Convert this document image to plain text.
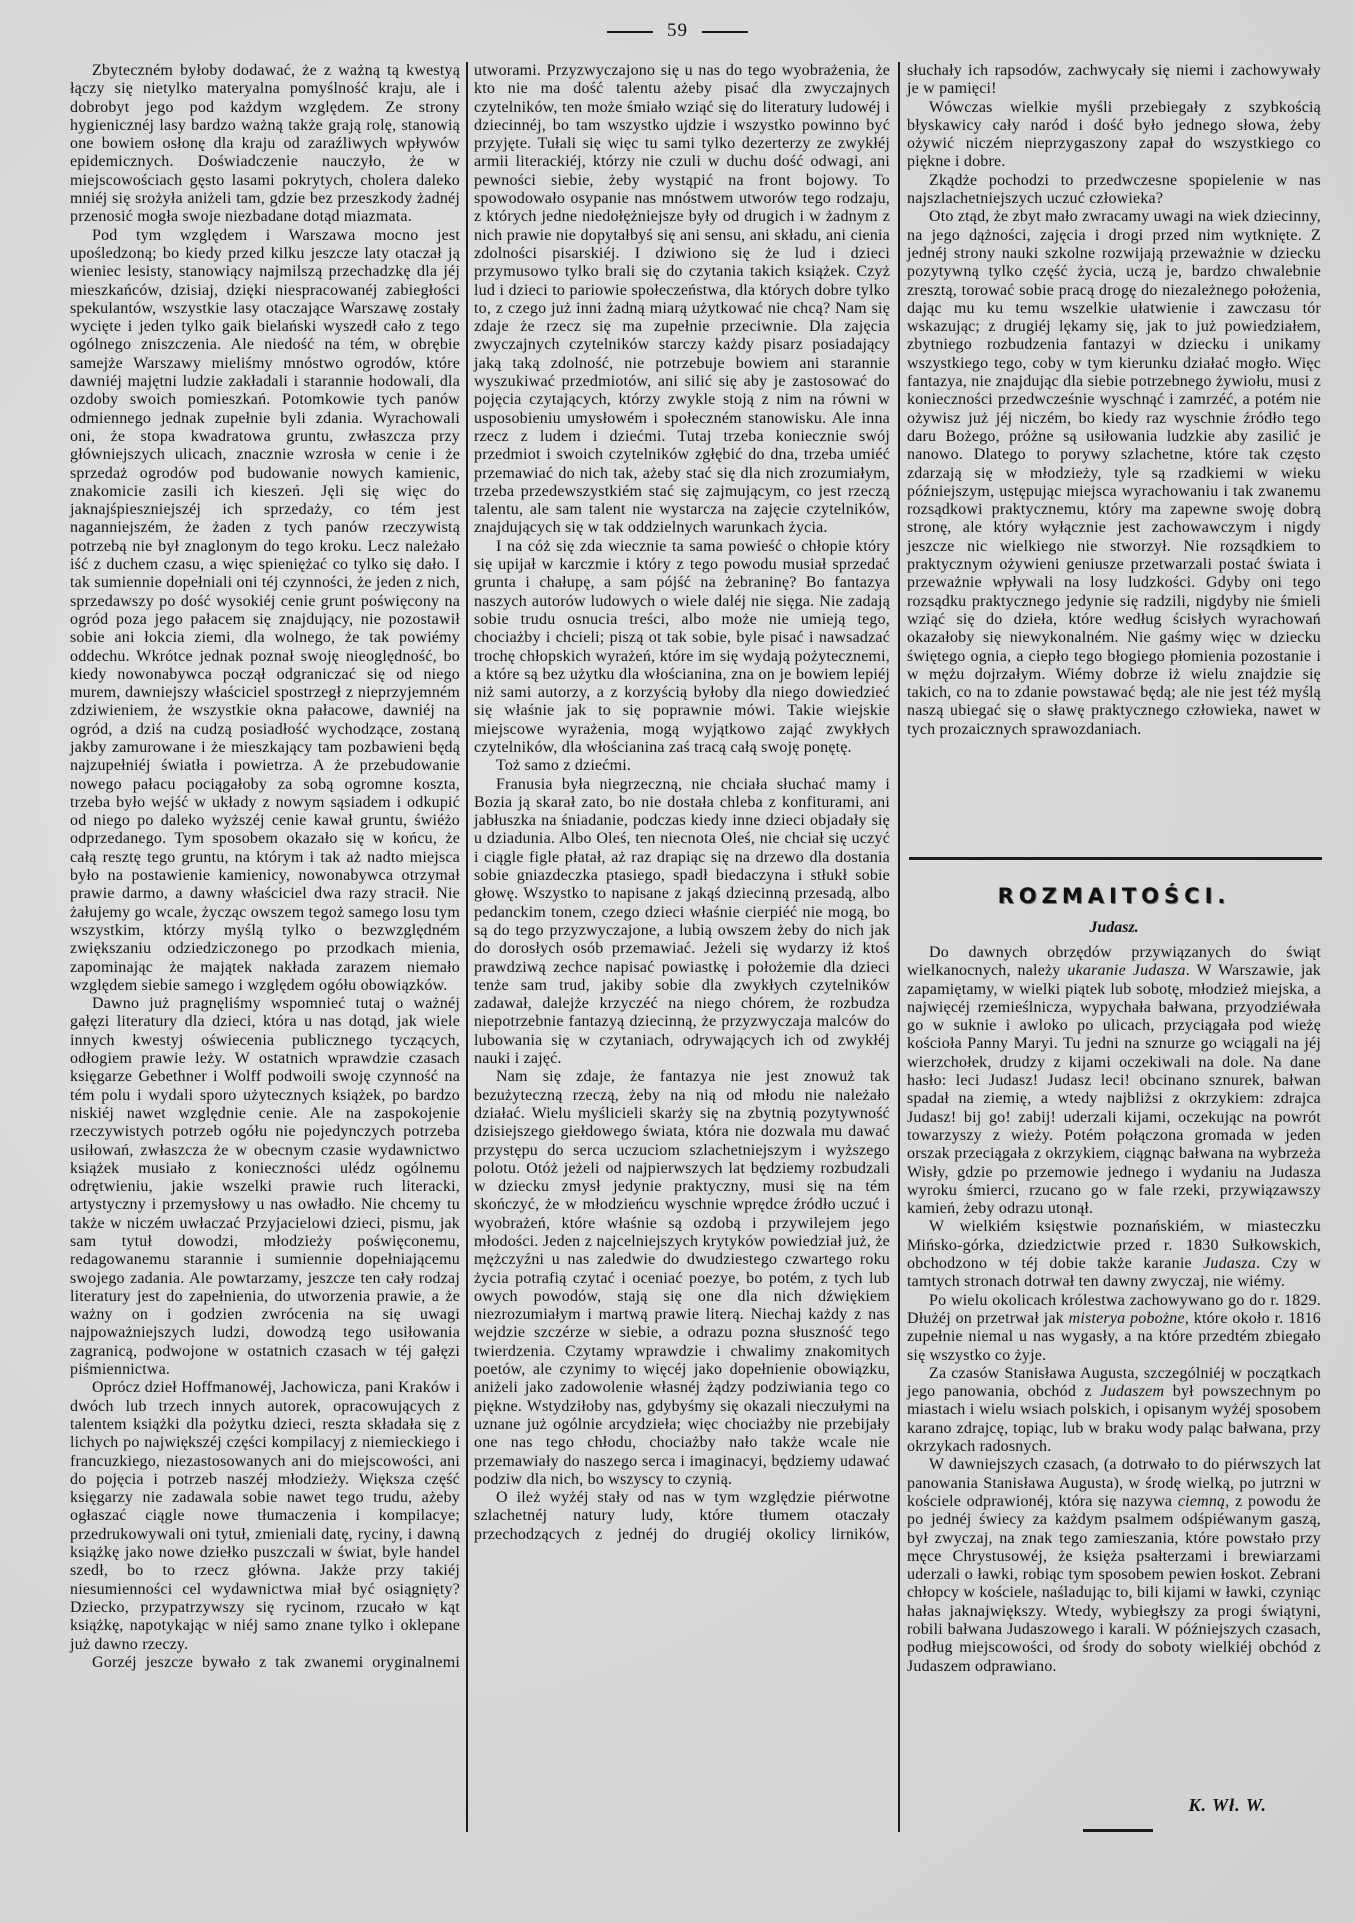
59

Zbyteczném byłoby dodawać, że z ważną tą kwestyą łączy się nietylko materyalna pomyślność kraju, ale i dobrobyt jego pod każdym względem. Ze strony hygienicznéj lasy bardzo ważną także grają rolę, stanowią one bowiem osłonę dla kraju od zaraźliwych wpływów epidemicznych. Doświadczenie nauczyło, że w miejscowościach gęsto lasami pokrytych, cholera daleko mniéj się srożyła aniżeli tam, gdzie bez przeszkody żadnéj przenosić mogła swoje niezbadane dotąd miazmata.

Pod tym względem i Warszawa mocno jest upośledzoną; bo kiedy przed kilku jeszcze laty otaczał ją wieniec lesisty, stanowiący najmilszą przechadzkę dla jéj mieszkańców, dzisiaj, dzięki niespracowanéj zabiegłości spekulantów, wszystkie lasy otaczające Warszawę zostały wycięte i jeden tylko gaik bielański wyszedł cało z tego ogólnego zniszczenia. Ale niedość na tém, w obrębie samejże Warszawy mieliśmy mnóstwo ogrodów, które dawniéj majętni ludzie zakładali i starannie hodowali, dla ozdoby swoich pomieszkań. Potomkowie tych panów odmiennego jednak zupełnie byli zdania. Wyrachowali oni, że stopa kwadratowa gruntu, zwłaszcza przy główniejszych ulicach, znacznie wzrosła w cenie i że sprzedaż ogrodów pod budowanie nowych kamienic, znakomicie zasili ich kieszeń. Jęli się więc do jaknajśpieszniejszéj ich sprzedaży, co tém jest naganniejszém, że żaden z tych panów rzeczywistą potrzebą nie był znaglonym do tego kroku. Lecz należało iść z duchem czasu, a więc spieniężać co tylko się dało. I tak sumiennie dopełniali oni téj czynności, że jeden z nich, sprzedawszy po dość wysokiéj cenie grunt poświęcony na ogród poza jego pałacem się znajdujący, nie pozostawił sobie ani łokcia ziemi, dla wolnego, że tak powiémy oddechu. Wkrótce jednak poznał swoję nieoględność, bo kiedy nowonabywca począł odgraniczać się od niego murem, dawniejszy właściciel spostrzegł z nieprzyjemném zdziwieniem, że wszystkie okna pałacowe, dawniéj na ogród, a dziś na cudzą posiadłość wychodzące, zostaną jakby zamurowane i że mieszkający tam pozbawieni będą najzupełniéj światła i powietrza. A że przebudowanie nowego pałacu pociągałoby za sobą ogromne koszta, trzeba było wejść w układy z nowym sąsiadem i odkupić od niego po daleko wyższéj cenie kawał gruntu, świéżo odprzedanego. Tym sposobem okazało się w końcu, że całą resztę tego gruntu, na którym i tak aż nadto miejsca było na postawienie kamienicy, nowonabywca otrzymał prawie darmo, a dawny właściciel dwa razy stracił. Nie żałujemy go wcale, życząc owszem tegoż samego losu tym wszystkim, którzy myślą tylko o bezwzględném zwiększaniu odziedziczonego po przodkach mienia, zapominając że majątek nakłada zarazem niemało względem siebie samego i względem ogółu obowiązków.

Dawno już pragnęliśmy wspomnieć tutaj o ważnéj gałęzi literatury dla dzieci, która u nas dotąd, jak wiele innych kwestyj oświecenia publicznego tyczących, odłogiem prawie leży. W ostatnich wprawdzie czasach księgarze Gebethner i Wolff podwoili swoję czynność na tém polu i wydali sporo użytecznych książek, po bardzo niskiéj nawet względnie cenie. Ale na zaspokojenie rzeczywistych potrzeb ogółu nie pojedynczych potrzeba usiłowań, zwłaszcza że w obecnym czasie wydawnictwo książek musiało z konieczności ulédz ogólnemu odrętwieniu, jakie wszelki prawie ruch literacki, artystyczny i przemysłowy u nas owładło. Nie chcemy tu także w niczém uwłaczać Przyjacielowi dzieci, pismu, jak sam tytuł dowodzi, młodzieży poświęconemu, redagowanemu starannie i sumiennie dopełniającemu swojego zadania. Ale powtarzamy, jeszcze ten cały rodzaj literatury jest do zapełnienia, do utworzenia prawie, a że ważny on i godzien zwrócenia na się uwagi najpoważniejszych ludzi, dowodzą tego usiłowania zagranicą, podwojone w ostatnich czasach w téj gałęzi piśmiennictwa.

Oprócz dzieł Hoffmanowéj, Jachowicza, pani Kraków i dwóch lub trzech innych autorek, opracowujących z talentem książki dla pożytku dzieci, reszta składała się z lichych po największéj części kompilacyj z niemieckiego i francuzkiego, niezastosowanych ani do miejscowości, ani do pojęcia i potrzeb naszéj młodzieży. Większa część księgarzy nie zadawala sobie nawet tego trudu, ażeby ogłaszać ciągle nowe tłumaczenia i kompilacye; przedrukowywali oni tytuł, zmieniali datę, ryciny, i dawną książkę jako nowe dziełko puszczali w świat, byle handel szedł, bo to rzecz główna. Jakże przy takiéj niesumienności cel wydawnictwa miał być osiągnięty? Dziecko, przypatrzywszy się rycinom, rzucało w kąt książkę, napotykając w niéj samo znane tylko i oklepane już dawno rzeczy.

Gorzéj jeszcze bywało z tak zwanemi oryginalnemi

utworami. Przyzwyczajono się u nas do tego wyobrażenia, że kto nie ma dość talentu ażeby pisać dla zwyczajnych czytelników, ten może śmiało wziąć się do literatury ludowéj i dziecinnéj, bo tam wszystko ujdzie i wszystko powinno być przyjęte. Tułali się więc tu sami tylko dezerterzy ze zwykłéj armii literackiéj, którzy nie czuli w duchu dość odwagi, ani pewności siebie, żeby wystąpić na front bojowy. To spowodowało osypanie nas mnóstwem utworów tego rodzaju, z których jedne niedołężniejsze były od drugich i w żadnym z nich prawie nie dopytałbyś się ani sensu, ani składu, ani cienia zdolności pisarskiéj. I dziwiono się że lud i dzieci przymusowo tylko brali się do czytania takich książek. Czyż lud i dzieci to pariowie społeczeństwa, dla których dobre tylko to, z czego już inni żadną miarą użytkować nie chcą? Nam się zdaje że rzecz się ma zupełnie przeciwnie. Dla zajęcia zwyczajnych czytelników starczy każdy pisarz posiadający jaką taką zdolność, nie potrzebuje bowiem ani starannie wyszukiwać przedmiotów, ani silić się aby je zastosować do pojęcia czytających, którzy zwykle stoją z nim na równi w usposobieniu umysłowém i społeczném stanowisku. Ale inna rzecz z ludem i dziećmi. Tutaj trzeba koniecznie swój przedmiot i swoich czytelników zgłębić do dna, trzeba umiéć przemawiać do nich tak, ażeby stać się dla nich zrozumiałym, trzeba przedewszystkiém stać się zajmującym, co jest rzeczą talentu, ale sam talent nie wystarcza na zajęcie czytelników, znajdujących się w tak oddzielnych warunkach życia.

I na cóż się zda wiecznie ta sama powieść o chłopie który się upijał w karczmie i który z tego powodu musiał sprzedać grunta i chałupę, a sam pójść na żebraninę? Bo fantazya naszych autorów ludowych o wiele daléj nie sięga. Nie zadają sobie trudu osnucia treści, albo może nie umieją tego, chociażby i chcieli; piszą ot tak sobie, byle pisać i nawsadzać trochę chłopskich wyrażeń, które im się wydają pożytecznemi, a które są bez użytku dla włościanina, zna on je bowiem lepiéj niż sami autorzy, a z korzyścią byłoby dla niego dowiedzieć się właśnie jak to się poprawnie mówi. Takie wiejskie miejscowe wyrażenia, mogą wyjątkowo zająć zwykłych czytelników, dla włościanina zaś tracą całą swoję ponętę.

Toż samo z dziećmi.

Franusia była niegrzeczną, nie chciała słuchać mamy i Bozia ją skarał zato, bo nie dostała chleba z konfiturami, ani jabłuszka na śniadanie, podczas kiedy inne dzieci objadały się u dziadunia. Albo Oleś, ten niecnota Oleś, nie chciał się uczyć i ciągle figle płatał, aż raz drapiąc się na drzewo dla dostania sobie gniazdeczka ptasiego, spadł biedaczyna i stłukł sobie głowę. Wszystko to napisane z jakąś dziecinną przesadą, albo pedanckim tonem, czego dzieci właśnie cierpiéć nie mogą, bo są do tego przyzwyczajone, a lubią owszem żeby do nich jak do dorosłych osób przemawiać. Jeżeli się wydarzy iż ktoś prawdziwą zechce napisać powiastkę i położemie dla dzieci tenże sam trud, jakiby sobie dla zwykłych czytelników zadawał, dalejże krzyczéć na niego chórem, że rozbudza niepotrzebnie fantazyą dziecinną, że przyzwyczaja malców do lubowania się w czytaniach, odrywających ich od zwykłéj nauki i zajęć.

Nam się zdaje, że fantazya nie jest znowuż tak bezużyteczną rzeczą, żeby na nią od młodu nie należało działać. Wielu myślicieli skarży się na zbytnią pozytywność dzisiejszego giełdowego świata, która nie dozwala mu dawać przystępu do serca uczuciom szlachetniejszym i wyższego polotu. Otóż jeżeli od najpierwszych lat będziemy rozbudzali w dziecku zmysł jedynie praktyczny, musi się na tém skończyć, że w młodzieńcu wyschnie wprędce źródło uczuć i wyobrażeń, które właśnie są ozdobą i przywilejem jego młodości. Jeden z najcelniejszych krytyków powiedział już, że mężczyźni u nas zaledwie do dwudziestego czwartego roku życia potrafią czytać i oceniać poezye, bo potém, z tych lub owych powodów, stają się one dla nich dźwiękiem niezrozumiałym i martwą prawie literą. Niechaj każdy z nas wejdzie szczérze w siebie, a odrazu pozna słuszność tego twierdzenia. Czytamy wprawdzie i chwalimy znakomitych poetów, ale czynimy to więcéj jako dopełnienie obowiązku, aniżeli jako zadowolenie własnéj żądzy podziwiania tego co piękne. Wstydziłoby nas, gdybyśmy się okazali nieczułymi na uznane już ogólnie arcydzieła; więc chociażby nie przebijały one nas tego chłodu, chociażby nało także wcale nie przemawiały do naszego serca i imaginacyi, będziemy udawać podziw dla nich, bo wszyscy to czynią.

O ileż wyżéj stały od nas w tym względzie piérwotne szlachetnéj natury ludy, które tłumem otaczały przechodzących z jednéj do drugiéj okolicy lirników,

słuchały ich rapsodów, zachwycały się niemi i zachowywały je w pamięci!

Wówczas wielkie myśli przebiegały z szybkością błyskawicy cały naród i dość było jednego słowa, żeby ożywić niczém nieprzygaszony zapał do wszystkiego co piękne i dobre.

Zkądże pochodzi to przedwczesne spopielenie w nas najszlachetniejszych uczuć człowieka?

Oto ztąd, że zbyt mało zwracamy uwagi na wiek dziecinny, na jego dążności, zajęcia i drogi przed nim wytknięte. Z jednéj strony nauki szkolne rozwijają przeważnie w dziecku pozytywną tylko część życia, uczą je, bardzo chwalebnie zresztą, torować sobie pracą drogę do niezależnego położenia, dając mu ku temu wszelkie ułatwienie i zawczasu tór wskazując; z drugiéj lękamy się, jak to już powiedziałem, zbytniego rozbudzenia fantazyi w dziecku i unikamy wszystkiego tego, coby w tym kierunku działać mogło. Więc fantazya, nie znajdując dla siebie potrzebnego żywiołu, musi z konieczności przedwcześnie wyschnąć i zamrzéć, a potém nie ożywisz już jéj niczém, bo kiedy raz wyschnie źródło tego daru Bożego, próżne są usiłowania ludzkie aby zasilić je nanowo. Dlatego to porywy szlachetne, które tak często zdarzają się w młodzieży, tyle są rzadkiemi w wieku późniejszym, ustępując miejsca wyrachowaniu i tak zwanemu rozsądkowi praktycznemu, który ma zapewne swoję dobrą stronę, ale który wyłącznie jest zachowawczym i nigdy jeszcze nic wielkiego nie stworzył. Nie rozsądkiem to praktycznym ożywieni geniusze przetwarzali postać świata i przeważnie wpływali na losy ludzkości. Gdyby oni tego rozsądku praktycznego jedynie się radzili, nigdyby nie śmieli wziąć się do dzieła, które według ścisłych wyrachowań okazałoby się niewykonalném. Nie gaśmy więc w dziecku świętego ognia, a ciepło tego błogiego płomienia pozostanie i w mężu dojrzałym. Wiémy dobrze iż wielu znajdzie się takich, co na to zdanie powstawać będą; ale nie jest téż myślą naszą ubiegać się o sławę praktycznego człowieka, nawet w tych prozaicznych sprawozdaniach.

ROZMAITOŚCI.
Judasz.

Do dawnych obrzędów przywiązanych do świąt wielkanocnych, należy ukaranie Judasza. W Warszawie, jak zapamiętamy, w wielki piątek lub sobotę, młodzież miejska, a najwięcéj rzemieślnicza, wypychała bałwana, przyodziéwała go w suknie i awloko po ulicach, przyciągała pod wieżę kościoła Panny Maryi. Tu jedni na sznurze go wciągali na jéj wierzchołek, drudzy z kijami oczekiwali na dole. Na dane hasło: leci Judasz! Judasz leci! obcinano sznurek, bałwan spadał na ziemię, a wtedy najbliżsi z okrzykiem: zdrajca Judasz! bij go! zabij! uderzali kijami, oczekując na powrót towarzyszy z wieży. Potém połączona gromada w jeden orszak przeciągała z okrzykiem, ciągnąc bałwana na wybrzeża Wisły, gdzie po przemowie jednego i wydaniu na Judasza wyroku śmierci, rzucano go w fale rzeki, przywiązawszy kamień, żeby odrazu utonął.

W wielkiém księstwie poznańskiém, w miasteczku Mińsko-górka, dziedzictwie przed r. 1830 Sułkowskich, obchodzono w téj dobie także karanie Judasza. Czy w tamtych stronach dotrwał ten dawny zwyczaj, nie wiémy.

Po wielu okolicach królestwa zachowywano go do r. 1829. Dłużéj on przetrwał jak misterya pobożne, które około r. 1816 zupełnie niemal u nas wygasły, a na które przedtém zbiegało się wszystko co żyje.

Za czasów Stanisława Augusta, szczególniéj w początkach jego panowania, obchód z Judaszem był powszechnym po miastach i wielu wsiach polskich, i opisanym wyżéj sposobem karano zdrajcę, topiąc, lub w braku wody paląc bałwana, przy okrzykach radosnych.

W dawniejszych czasach, (a dotrwało to do piérwszych lat panowania Stanisława Augusta), w środę wielką, po jutrzni w kościele odprawionéj, która się nazywa ciemną, z powodu że po jednéj świecy za każdym psalmem odśpiéwanym gaszą, był zwyczaj, na znak tego zamieszania, które powstało przy męce Chrystusowéj, że księża psałterzami i brewiarzami uderzali o ławki, robiąc tym sposobem pewien łoskot. Zebrani chłopcy w kościele, naśladując to, bili kijami w ławki, czyniąc hałas jaknajwiększy. Wtedy, wybiegłszy za progi świątyni, robili bałwana Judaszowego i karali. W późniejszych czasach, podług miejscowości, od środy do soboty wielkiéj obchód z Judaszem odprawiano.

K. Wł. W.
